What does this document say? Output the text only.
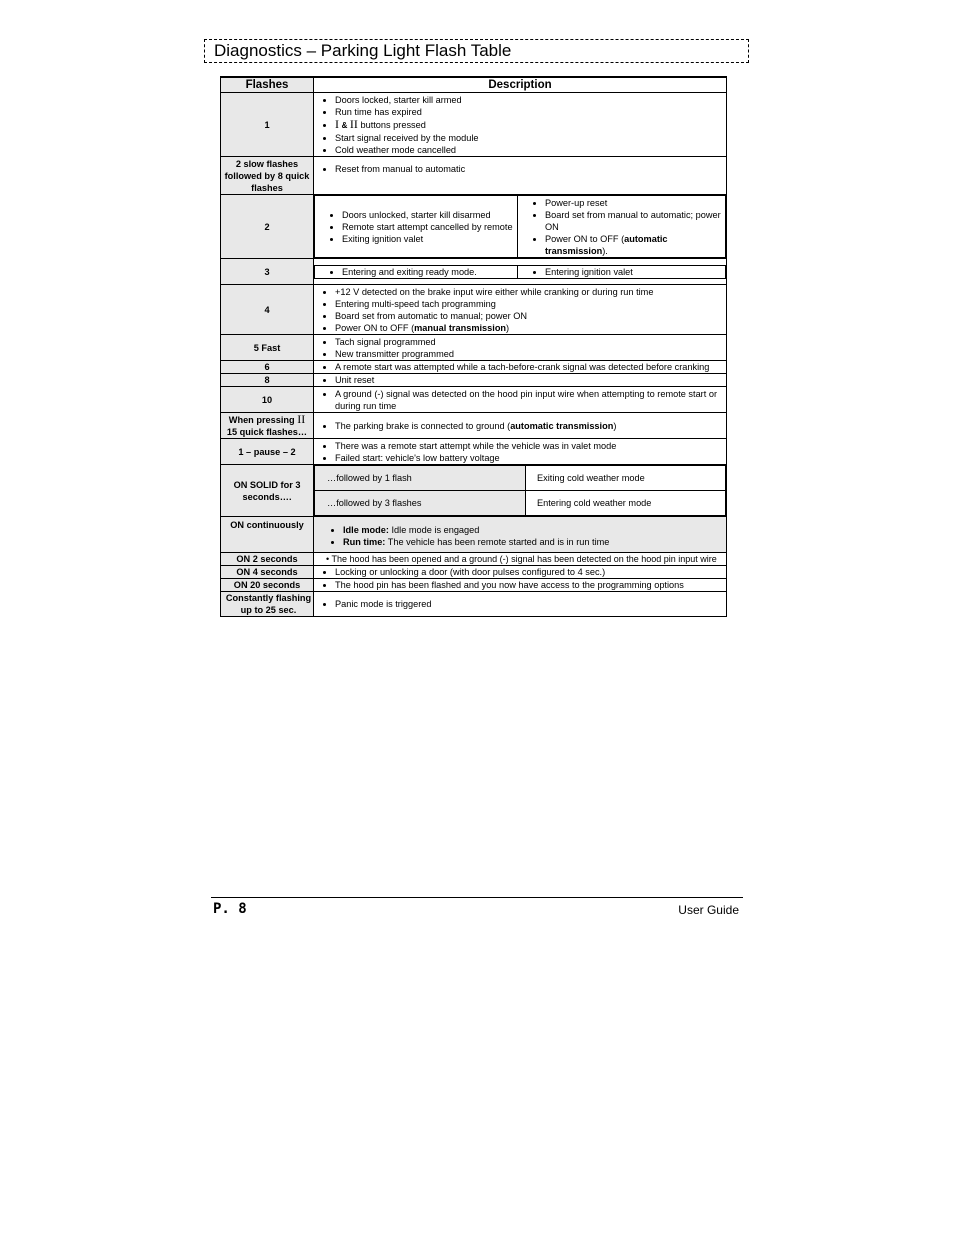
Diagnostics – Parking Light Flash Table
Flashes	Description
1	
• Doors locked, starter kill armed
• Run time has expired
• I & II buttons pressed
• Start signal received by the module
• Cold weather mode cancelled

2 slow flashes followed by 8 quick flashes	
• Reset from manual to automatic

2	
• Doors unlocked, starter kill disarmed
• Remote start attempt cancelled by remote
• Exiting ignition valet

• Power-up reset
• Board set from manual to automatic; power ON
• Power ON to OFF (automatic transmission).

3	
•	Entering and exiting ready mode.

•Entering ignition valet

4	
• +12 V detected on the brake input wire either while cranking or during run time
• Entering multi-speed tach programming
• Board set from automatic to manual; power ON
• Power ON to OFF (manual transmission)

5 Fast	
• Tach signal programmed
• New transmitter programmed

6	
•A remote start was attempted while a tach-before-crank signal was detected before cranking

8	
•Unit reset

10	
• A ground (-) signal was detected on the hood pin input wire when attempting to remote start or during run time

When pressing II
15 quick flashes…	
• The parking brake is connected to ground (automatic transmission)

1 – pause – 2	
• There was a remote start attempt while the vehicle was in valet mode
• Failed start: vehicle's low battery voltage

ON SOLID for 3 seconds….	
…followed by 1 flash	Exiting cold weather mode
…followed by 3 flashes	Entering cold weather mode

ON continuously	
•Idle mode: Idle mode is engaged
• Run time: The vehicle has been remote started and is in run time

ON 2 seconds	• The hood has been opened and a ground (-) signal has been detected on the hood pin input wire
ON 4 seconds	
•Locking or unlocking a door (with door pulses configured to 4 sec.)

ON 20 seconds	
•The hood pin has been flashed and you now have access to the programming options

Constantly flashing up to 25 sec.	
• Panic mode is triggered
P. 8	User Guide
